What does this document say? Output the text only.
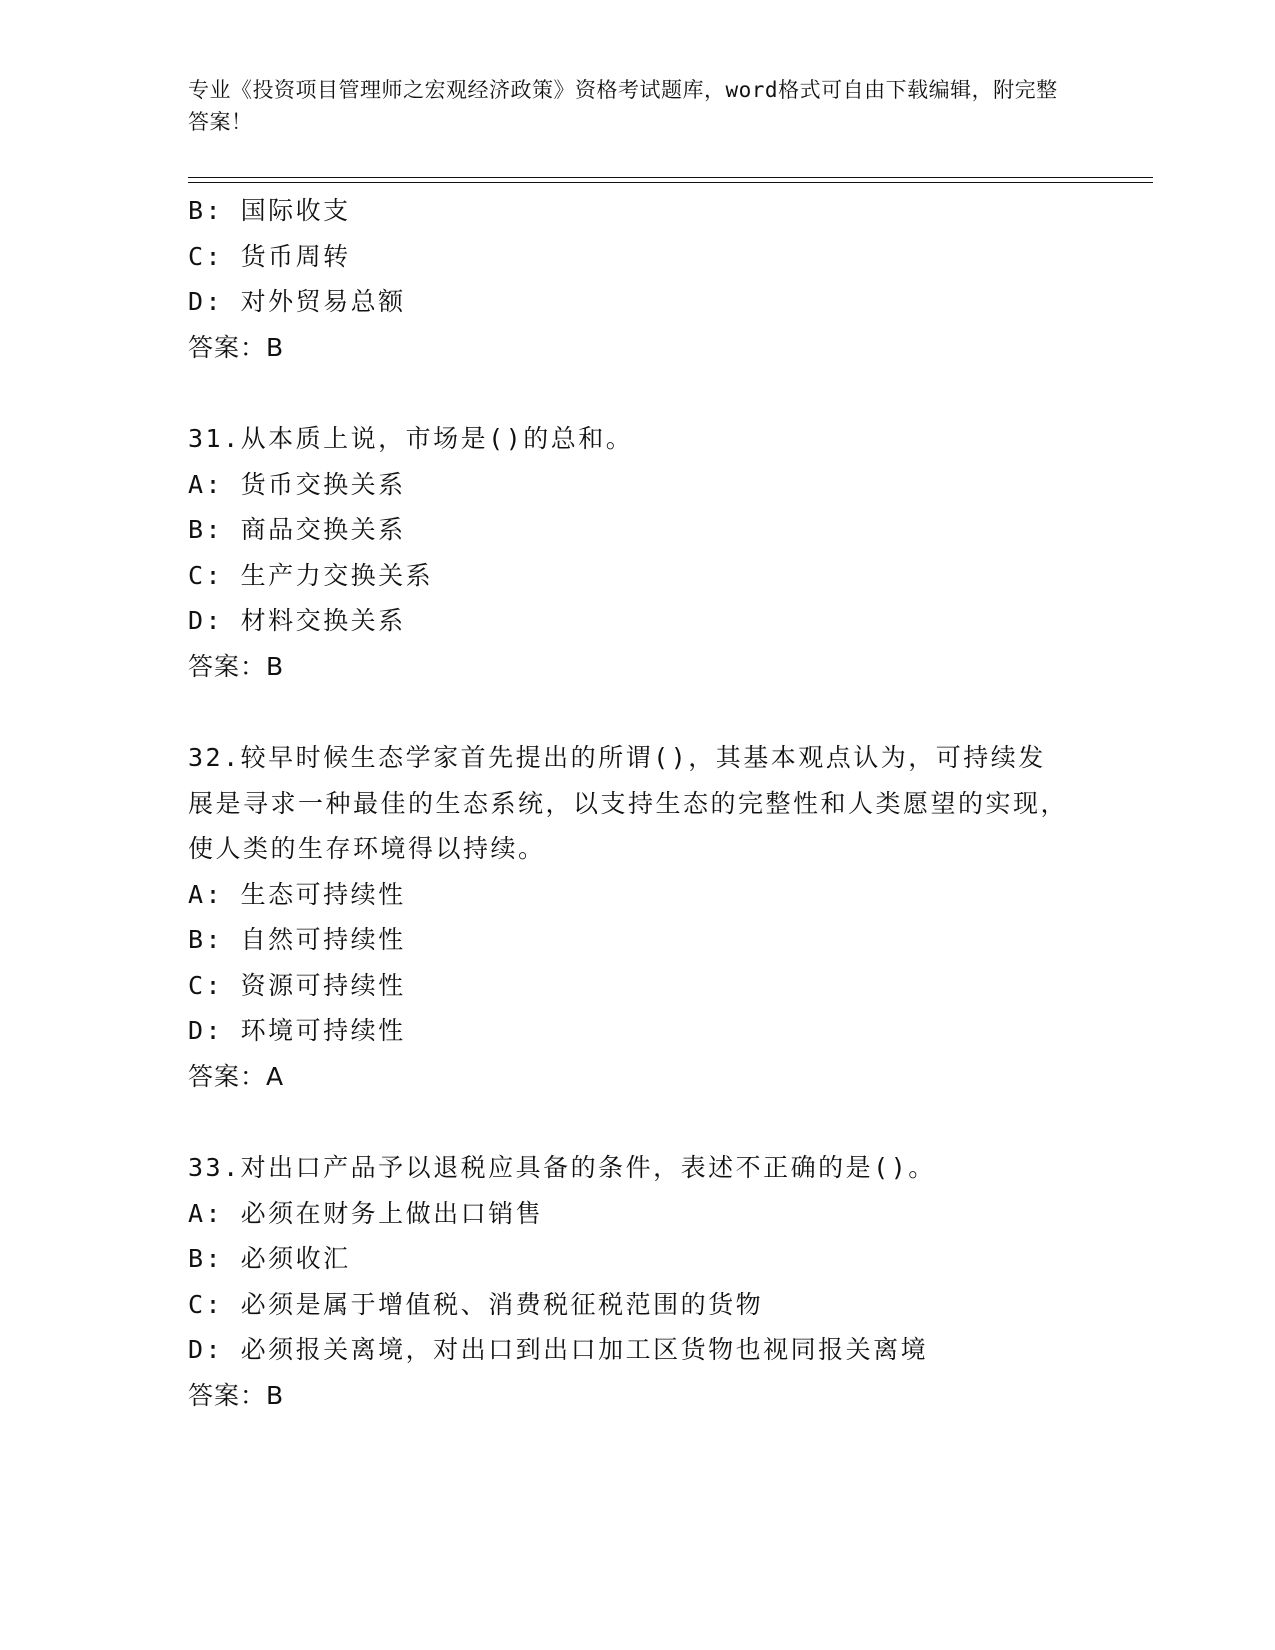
专业《投资项目管理师之宏观经济政策》资格考试题库，word格式可自由下载编辑，附完整答案！
B: 国际收支
C: 货币周转
D: 对外贸易总额
答案：B
31.从本质上说，市场是()的总和。
A: 货币交换关系
B: 商品交换关系
C: 生产力交换关系
D: 材料交换关系
答案：B
32.较早时候生态学家首先提出的所谓()，其基本观点认为，可持续发展是寻求一种最佳的生态系统，以支持生态的完整性和人类愿望的实现，使人类的生存环境得以持续。
A: 生态可持续性
B: 自然可持续性
C: 资源可持续性
D: 环境可持续性
答案：A
33.对出口产品予以退税应具备的条件，表述不正确的是()。
A: 必须在财务上做出口销售
B: 必须收汇
C: 必须是属于增值税、消费税征税范围的货物
D: 必须报关离境，对出口到出口加工区货物也视同报关离境
答案：B
